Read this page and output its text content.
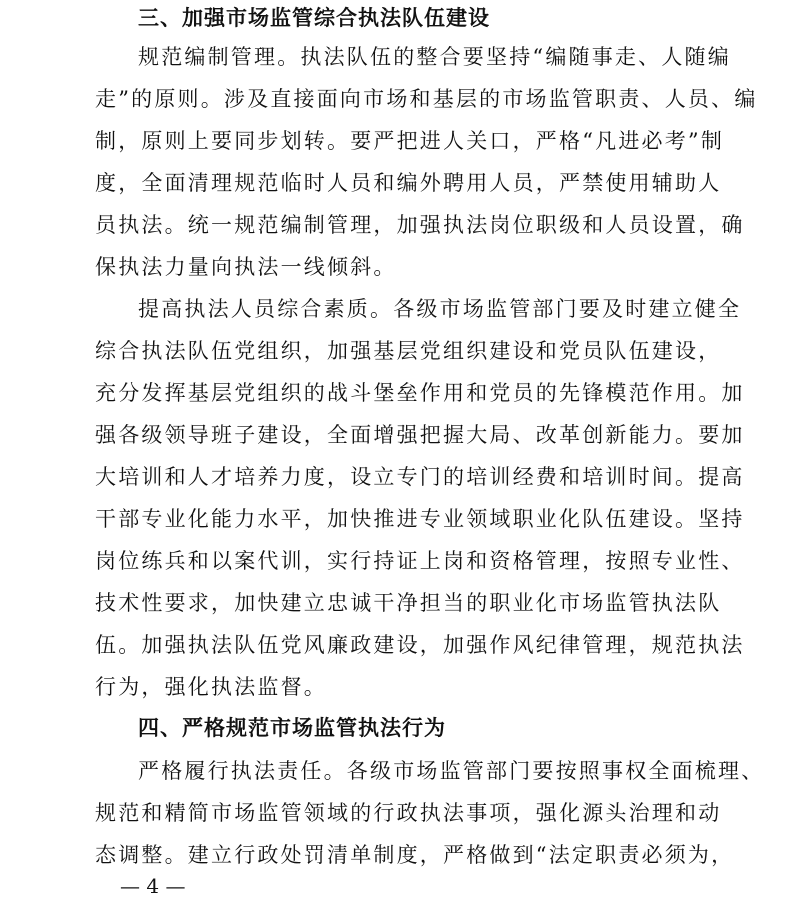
三、加强市场监管综合执法队伍建设
规范编制管理。执法队伍的整合要坚持“编随事走、人随编
走”的原则。涉及直接面向市场和基层的市场监管职责、人员、编
制，原则上要同步划转。要严把进人关口，严格“凡进必考”制
度，全面清理规范临时人员和编外聘用人员，严禁使用辅助人
员执法。统一规范编制管理，加强执法岗位职级和人员设置，确
保执法力量向执法一线倾斜。
提高执法人员综合素质。各级市场监管部门要及时建立健全
综合执法队伍党组织，加强基层党组织建设和党员队伍建设，
充分发挥基层党组织的战斗堡垒作用和党员的先锋模范作用。加
强各级领导班子建设，全面增强把握大局、改革创新能力。要加
大培训和人才培养力度，设立专门的培训经费和培训时间。提高
干部专业化能力水平，加快推进专业领域职业化队伍建设。坚持
岗位练兵和以案代训，实行持证上岗和资格管理，按照专业性、
技术性要求，加快建立忠诚干净担当的职业化市场监管执法队
伍。加强执法队伍党风廉政建设，加强作风纪律管理，规范执法
行为，强化执法监督。
四、严格规范市场监管执法行为
严格履行执法责任。各级市场监管部门要按照事权全面梳理、
规范和精简市场监管领域的行政执法事项，强化源头治理和动
态调整。建立行政处罚清单制度，严格做到“法定职责必须为，
— 4 —
